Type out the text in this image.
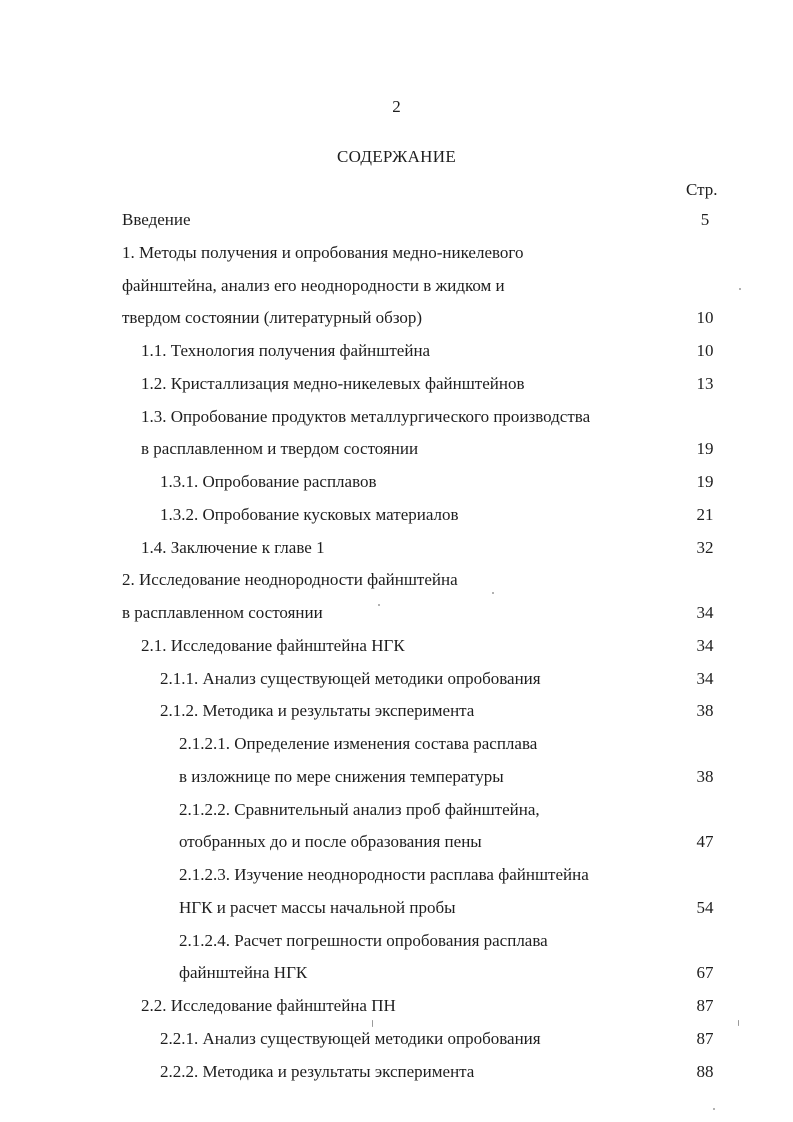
2
СОДЕРЖАНИЕ
Стр.
Введение	5
1. Методы получения и опробования медно-никелевого
файнштейна, анализ его неоднородности в жидком и
твердом состоянии (литературный обзор)	10
1.1. Технология получения файнштейна	10
1.2. Кристаллизация медно-никелевых файнштейнов	13
1.3. Опробование продуктов металлургического производства
в расплавленном и твердом состоянии	19
1.3.1. Опробование расплавов	19
1.3.2. Опробование кусковых материалов	21
1.4. Заключение к главе 1	32
2. Исследование неоднородности файнштейна
в расплавленном состоянии	34
2.1. Исследование файнштейна НГК	34
2.1.1. Анализ существующей методики опробования	34
2.1.2. Методика и результаты эксперимента	38
2.1.2.1. Определение изменения состава расплава
в изложнице по мере снижения температуры	38
2.1.2.2. Сравнительный анализ проб файнштейна,
отобранных до и после образования пены	47
2.1.2.3. Изучение неоднородности расплава файнштейна
НГК и расчет массы начальной пробы	54
2.1.2.4. Расчет погрешности опробования расплава
файнштейна НГК	67
2.2. Исследование файнштейна ПН	87
2.2.1. Анализ существующей методики опробования	87
2.2.2. Методика и результаты эксперимента	88
